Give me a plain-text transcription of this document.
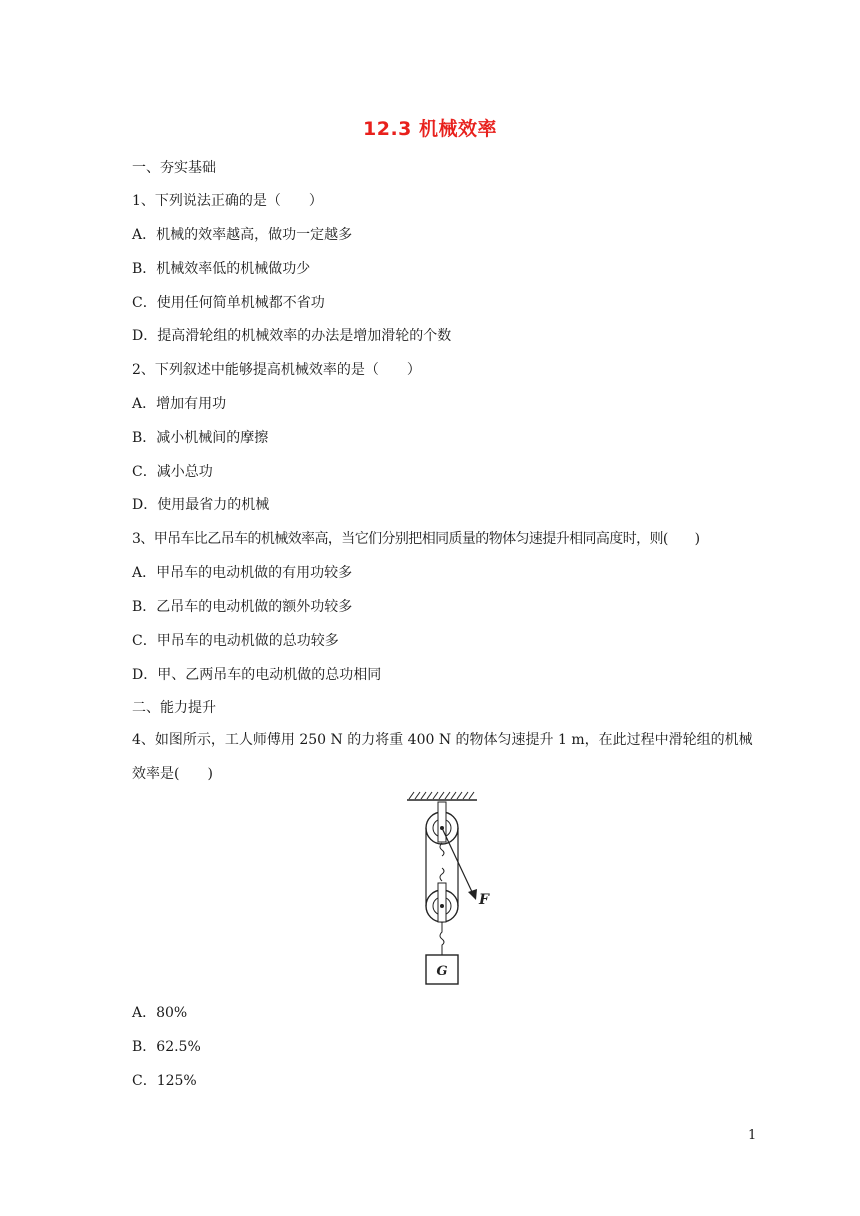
12.3 机械效率
一、夯实基础
1、下列说法正确的是（　　）
A．机械的效率越高，做功一定越多
B．机械效率低的机械做功少
C．使用任何简单机械都不省功
D．提高滑轮组的机械效率的办法是增加滑轮的个数
2、下列叙述中能够提高机械效率的是（　　）
A．增加有用功
B．减小机械间的摩擦
C．减小总功
D．使用最省力的机械
3、甲吊车比乙吊车的机械效率高，当它们分别把相同质量的物体匀速提升相同高度时，则(　　)
A．甲吊车的电动机做的有用功较多
B．乙吊车的电动机做的额外功较多
C．甲吊车的电动机做的总功较多
D．甲、乙两吊车的电动机做的总功相同
二、能力提升
4、如图所示，工人师傅用 250 N 的力将重 400 N 的物体匀速提升 1 m，在此过程中滑轮组的机械效率是(　　)
F
G
A．80%
B．62.5%
C．125%
1
